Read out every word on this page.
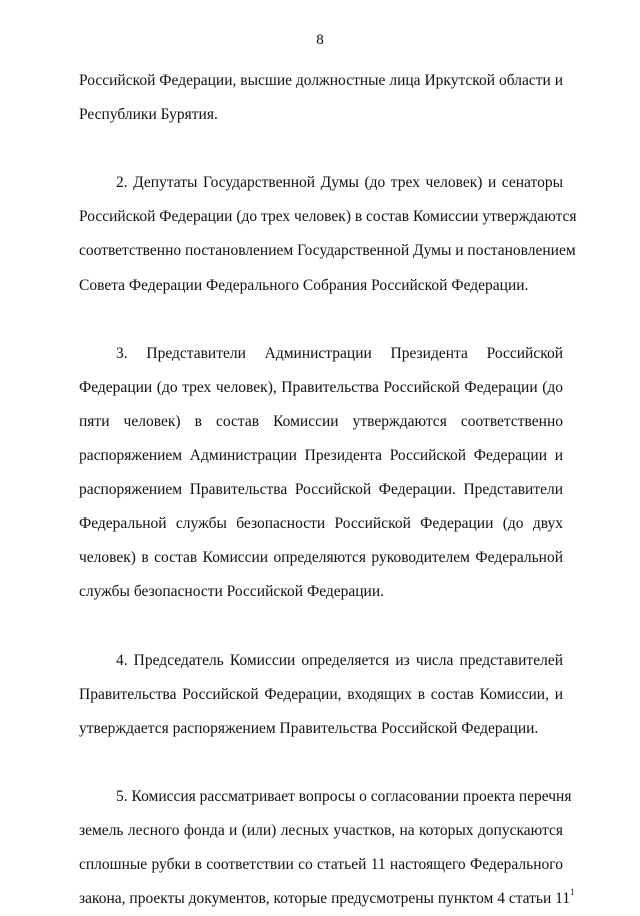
8
Российской Федерации, высшие должностные лица Иркутской области и
Республики Бурятия.
2. Депутаты Государственной Думы (до трех человек) и сенаторы
Российской Федерации (до трех человек) в состав Комиссии утверждаются
соответственно постановлением Государственной Думы и постановлением
Совета Федерации Федерального Собрания Российской Федерации.
3. Представители Администрации Президента Российской
Федерации (до трех человек), Правительства Российской Федерации (до
пяти человек) в состав Комиссии утверждаются соответственно
распоряжением Администрации Президента Российской Федерации и
распоряжением Правительства Российской Федерации. Представители
Федеральной службы безопасности Российской Федерации (до двух
человек) в состав Комиссии определяются руководителем Федеральной
службы безопасности Российской Федерации.
4. Председатель Комиссии определяется из числа представителей
Правительства Российской Федерации, входящих в состав Комиссии, и
утверждается распоряжением Правительства Российской Федерации.
5. Комиссия рассматривает вопросы о согласовании проекта перечня
земель лесного фонда и (или) лесных участков, на которых допускаются
сплошные рубки в соответствии со статьей 11 настоящего Федерального
закона, проекты документов, которые предусмотрены пунктом 4 статьи $11^1$
